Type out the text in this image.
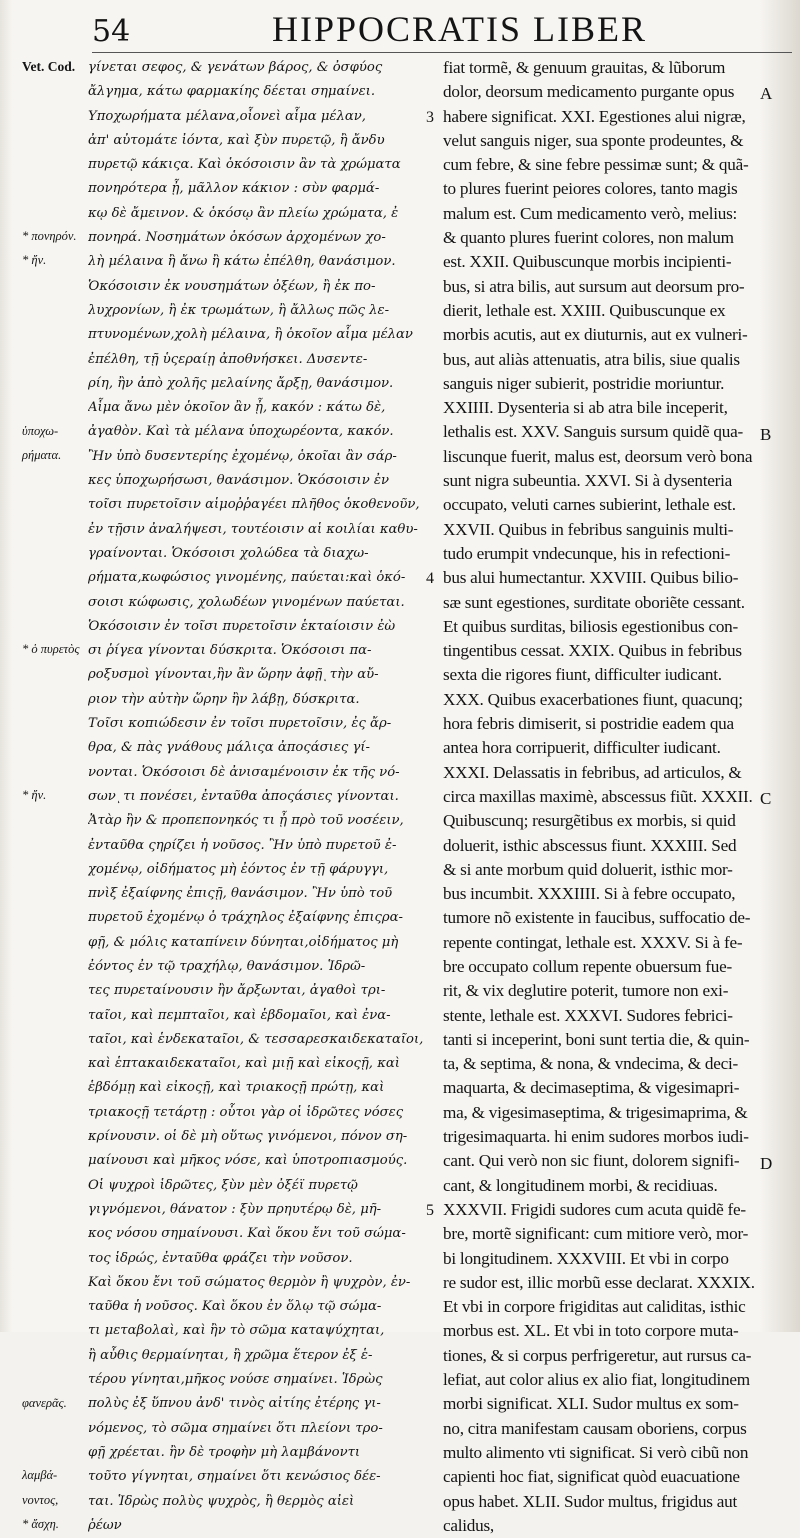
54	HIPPOCRATIS LIBER
Vet. Cod.
* πονηρόν.
* ἤν.
ὑποχω-
ρήματα.
* ὁ πυρετὸς
* ἤν.
φανερᾶς.
λαμβά-
νοντος,
* ἄσχη.
γίνεται σεφος, & γενάτων βάρος, & ὀσφύος
ἄλγημα, κάτω φαρμακίης δέεται σημαίνει.
Υποχωρήματα μέλανα,οἷονεὶ αἷμα μέλαν,
ἀπ' αὐτομάτε ἰόντα, καὶ ξὺν πυρετῷ, ἢ ἄνδυ
πυρετῷ κάκιςα. Καὶ ὁκόσοισιν ἂν τὰ χρώματα
πονηρότερα ᾖ, μᾶλλον κάκιον : σὺν φαρμά-
κῳ δὲ ἄμεινον. & ὁκόσῳ ἂν πλείω χρώματα, ἐ
πονηρά. Νοσημάτων ὁκόσων ἀρχομένων χο-
λὴ μέλαινα ἢ ἄνω ἢ κάτω ἐπέλθη, θανάσιμον.
Ὁκόσοισιν ἐκ νουσημάτων ὀξέων, ἢ ἐκ πο-
λυχρονίων, ἢ ἐκ τρωμάτων, ἢ ἄλλως πῶς λε-
πτυνομένων,χολὴ μέλαινα, ἢ ὁκοῖον αἷμα μέλαν
ἐπέλθη, τῇ ὑςεραίῃ ἀποθνήσκει. Δυσεντε-
ρίη, ἢν ἀπὸ χολῆς μελαίνης ἄρξῃ, θανάσιμον.
Αἷμα ἄνω μὲν ὁκοῖον ἂν ᾖ, κακόν : κάτω δὲ,
ἀγαθὸν. Καὶ τὰ μέλανα ὑποχωρέοντα, κακόν.
Ἢν ὑπὸ δυσεντερίης ἐχομένῳ, ὁκοῖαι ἂν σάρ-
κες ὑποχωρήσωσι, θανάσιμον. Ὁκόσοισιν ἐν
τοῖσι πυρετοῖσιν αἱμοῤῥαγέει πλῆθος ὁκοθενοῦν,
ἐν τῇσιν ἀναλήψεσι, τουτέοισιν αἱ κοιλίαι καθυ-
γραίνονται. Ὁκόσοισι χολώδεα τὰ διαχω-
ρήματα,κωφώσιος γινομένης, παύεται:καὶ ὁκό-
σοισι κώφωσις, χολωδέων γινομένων παύεται.
Ὁκόσοισιν ἐν τοῖσι πυρετοῖσιν ἑκταίοισιν ἐὼ
σι ῥίγεα γίνονται δύσκριτα. Ὁκόσοισι πα-
ροξυσμοὶ γίνονται,ἣν ἂν ὥρην ἀφῇ ͅ τὴν αὔ-
ριον τὴν αὐτὴν ὥρην ἢν λάβῃ, δύσκριτα.
Τοῖσι κοπιώδεσιν ἐν τοῖσι πυρετοῖσιν, ἐς ἄρ-
θρα, & πὰς γνάθους μάλιςα ἀποςάσιες γί-
νονται. Ὁκόσοισι δὲ ἀνισαμένοισιν ἐκ τῆς νό-
σων ͅ τι πονέσει, ἐνταῦθα ἀποςάσιες γίνονται.
Ἀτὰρ ἢν & προπεπονηκός τι ᾖ πρὸ τοῦ νοσέειν,
ἐνταῦθα ςηρίζει ἡ νοῦσος. Ἢν ὑπὸ πυρετοῦ ἐ-
χομένῳ, οἰδήματος μὴ ἐόντος ἐν τῇ φάρυγγι,
πνὶξ ἐξαίφνης ἐπιςῇ, θανάσιμον. Ἢν ὑπὸ τοῦ
πυρετοῦ ἐχομένῳ ὁ τράχηλος ἐξαίφνης ἐπιςρα-
φῇ, & μόλις καταπίνειν δύνηται,οἰδήματος μὴ
ἐόντος ἐν τῷ τραχήλῳ, θανάσιμον. Ἱδρῶ-
τες πυρεταίνουσιν ἢν ἄρξωνται, ἀγαθοὶ τρι-
ταῖοι, καὶ πεμπταῖοι, καὶ ἑβδομαῖοι, καὶ ἐνα-
ταῖοι, καὶ ἑνδεκαταῖοι, & τεσσαρεσκαιδεκαταῖοι,
καὶ ἑπτακαιδεκαταῖοι, καὶ μιῇ καὶ εἰκοςῇ, καὶ
ἑβδόμῃ καὶ εἰκοςῇ, καὶ τριακοςῇ πρώτῃ, καὶ
τριακοςῇ τετάρτῃ : οὗτοι γὰρ οἱ ἱδρῶτες νόσες
κρίνουσιν. οἱ δὲ μὴ οὕτως γινόμενοι, πόνον ση-
μαίνουσι καὶ μῆκος νόσε, καὶ ὑποτροπιασμούς.
Οἱ ψυχροὶ ἱδρῶτες, ξὺν μὲν ὀξέϊ πυρετῷ
γιγνόμενοι, θάνατον : ξὺν πρηυτέρῳ δὲ, μῆ-
κος νόσου σημαίνουσι. Καὶ ὅκου ἔνι τοῦ σώμα-
τος ἱδρώς, ἐνταῦθα φράζει τὴν νοῦσον.
Καὶ ὅκου ἔνι τοῦ σώματος θερμὸν ἢ ψυχρὸν, ἐν-
ταῦθα ἡ νοῦσος. Καὶ ὅκου ἐν ὅλῳ τῷ σώμα-
τι μεταβολαὶ, καὶ ἢν τὸ σῶμα καταψύχηται,
ἢ αὖθις θερμαίνηται, ἢ χρῶμα ἕτερον ἐξ ἑ-
τέρου γίνηται,μῆκος νούσε σημαίνει. Ἱδρὼς
πολὺς ἐξ ὕπνου ἀνδ' τινὸς αἰτίης ἐτέρης γι-
νόμενος, τὸ σῶμα σημαίνει ὅτι πλείονι τρο-
φῇ χρέεται. ἢν δὲ τροφὴν μὴ λαμβάνοντι
τοῦτο γίγνηται, σημαίνει ὅτι κενώσιος δέε-
ται. Ἱδρὼς πολὺς ψυχρὸς, ἢ θερμὸς αἰεὶ
ῥέων
3
4
5
fiat tormẽ, & genuum grauitas, & lũborum
dolor, deorsum medicamento purgante opus
habere significat. XXI. Egestiones alui nigræ,
velut sanguis niger, sua sponte prodeuntes, &
cum febre, & sine febre pessimæ sunt; & quã-
to plures fuerint peiores colores, tanto magis
malum est. Cum medicamento verò, melius:
& quanto plures fuerint colores, non malum
est. XXII. Quibuscunque morbis incipienti-
bus, si atra bilis, aut sursum aut deorsum pro-
dierit, lethale est. XXIII. Quibuscunque ex
morbis acutis, aut ex diuturnis, aut ex vulneri-
bus, aut aliàs attenuatis, atra bilis, siue qualis
sanguis niger subierit, postridie moriuntur.
XXIIII. Dysenteria si ab atra bile inceperit,
lethalis est. XXV. Sanguis sursum quidẽ qua-
liscunque fuerit, malus est, deorsum verò bona
sunt nigra subeuntia. XXVI. Si à dysenteria
occupato, veluti carnes subierint, lethale est.
XXVII. Quibus in febribus sanguinis multi-
tudo erumpit vndecunque, his in refectioni-
bus alui humectantur. XXVIII. Quibus bilio-
sæ sunt egestiones, surditate oboriẽte cessant.
Et quibus surditas, biliosis egestionibus con-
tingentibus cessat. XXIX. Quibus in febribus
sexta die rigores fiunt, difficulter iudicant.
XXX. Quibus exacerbationes fiunt, quacunq;
hora febris dimiserit, si postridie eadem qua
antea hora corripuerit, difficulter iudicant.
XXXI. Delassatis in febribus, ad articulos, &
circa maxillas maximè, abscessus fiũt. XXXII.
Quibuscunq; resurgẽtibus ex morbis, si quid
doluerit, isthic abscessus fiunt. XXXIII. Sed
& si ante morbum quid doluerit, isthic mor-
bus incumbit. XXXIIII. Si à febre occupato,
tumore nõ existente in faucibus, suffocatio de-
repente contingat, lethale est. XXXV. Si à fe-
bre occupato collum repente obuersum fue-
rit, & vix deglutire poterit, tumore non exi-
stente, lethale est. XXXVI. Sudores febrici-
tanti si inceperint, boni sunt tertia die, & quin-
ta, & septima, & nona, & vndecima, & deci-
maquarta, & decimaseptima, & vigesimapri-
ma, & vigesimaseptima, & trigesimaprima, &
trigesimaquarta. hi enim sudores morbos iudi-
cant. Qui verò non sic fiunt, dolorem signifi-
cant, & longitudinem morbi, & recidiuas.
XXXVII. Frigidi sudores cum acuta quidẽ fe-
bre, mortẽ significant: cum mitiore verò, mor-
bi longitudinem. XXXVIII. Et vbi in corpo
re sudor est, illic morbũ esse declarat. XXXIX.
Et vbi in corpore frigiditas aut caliditas, isthic
morbus est. XL. Et vbi in toto corpore muta-
tiones, & si corpus perfrigeretur, aut rursus ca-
lefiat, aut color alius ex alio fiat, longitudinem
morbi significat. XLI. Sudor multus ex som-
no, citra manifestam causam oboriens, corpus
multo alimento vti significat. Si verò cibũ non
capienti hoc fiat, significat quòd euacuatione
opus habet. XLII. Sudor multus, frigidus aut
calidus,
A
B
C
D
